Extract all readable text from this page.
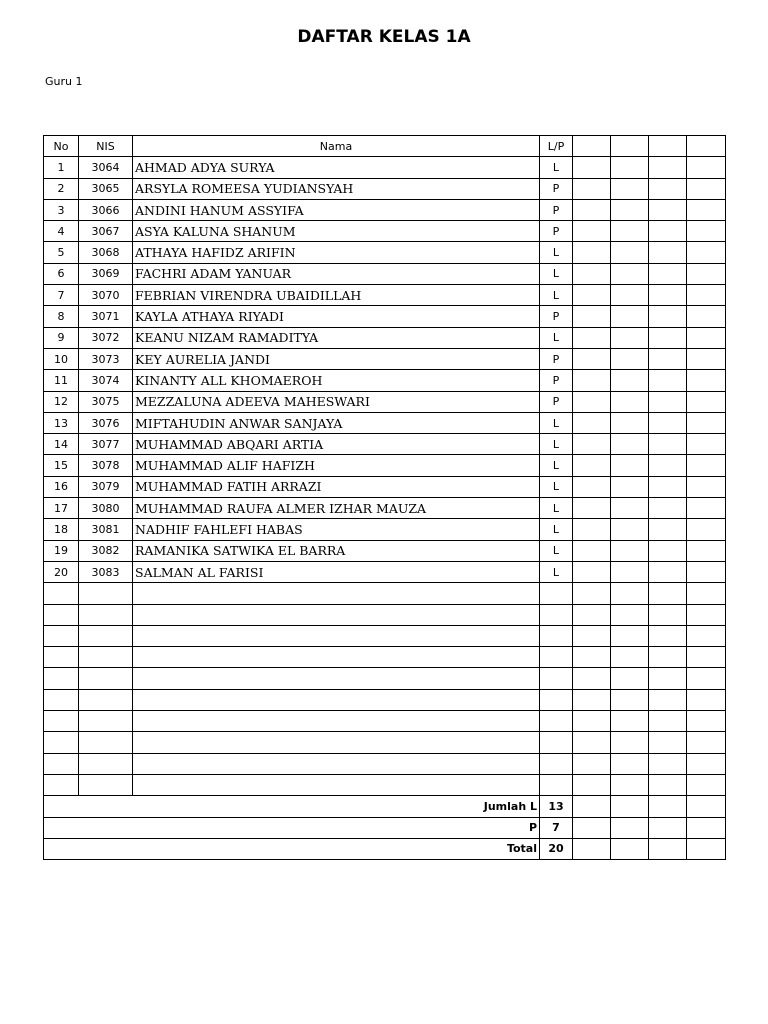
DAFTAR KELAS 1A
Guru 1
No	NIS	Nama	L/P				
1	3064	AHMAD ADYA SURYA	L				
2	3065	ARSYLA ROMEESA YUDIANSYAH	P				
3	3066	ANDINI HANUM ASSYIFA	P				
4	3067	ASYA KALUNA SHANUM	P				
5	3068	ATHAYA HAFIDZ ARIFIN	L				
6	3069	FACHRI ADAM YANUAR	L				
7	3070	FEBRIAN VIRENDRA UBAIDILLAH	L				
8	3071	KAYLA ATHAYA RIYADI	P				
9	3072	KEANU NIZAM RAMADITYA	L				
10	3073	KEY AURELIA JANDI	P				
11	3074	KINANTY ALL KHOMAEROH	P				
12	3075	MEZZALUNA ADEEVA MAHESWARI	P				
13	3076	MIFTAHUDIN ANWAR SANJAYA	L				
14	3077	MUHAMMAD ABQARI ARTIA	L				
15	3078	MUHAMMAD ALIF HAFIZH	L				
16	3079	MUHAMMAD FATIH ARRAZI	L				
17	3080	MUHAMMAD RAUFA ALMER IZHAR MAUZA	L				
18	3081	NADHIF FAHLEFI HABAS	L				
19	3082	RAMANIKA SATWIKA EL BARRA	L				
20	3083	SALMAN AL FARISI	L				

Jumlah L			13				
P			7				
Total			20				
